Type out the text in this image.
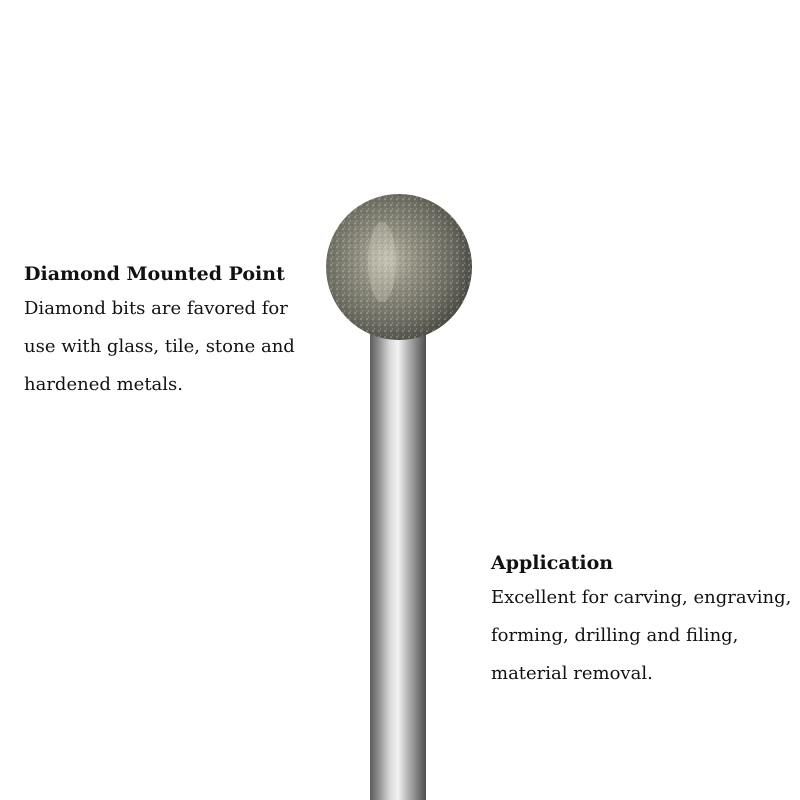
Diamond Mounted Point

Diamond bits are favored for

use with glass, tile, stone and

hardened metals.

Application

Excellent for carving, engraving,

forming, drilling and filing,

material removal.
